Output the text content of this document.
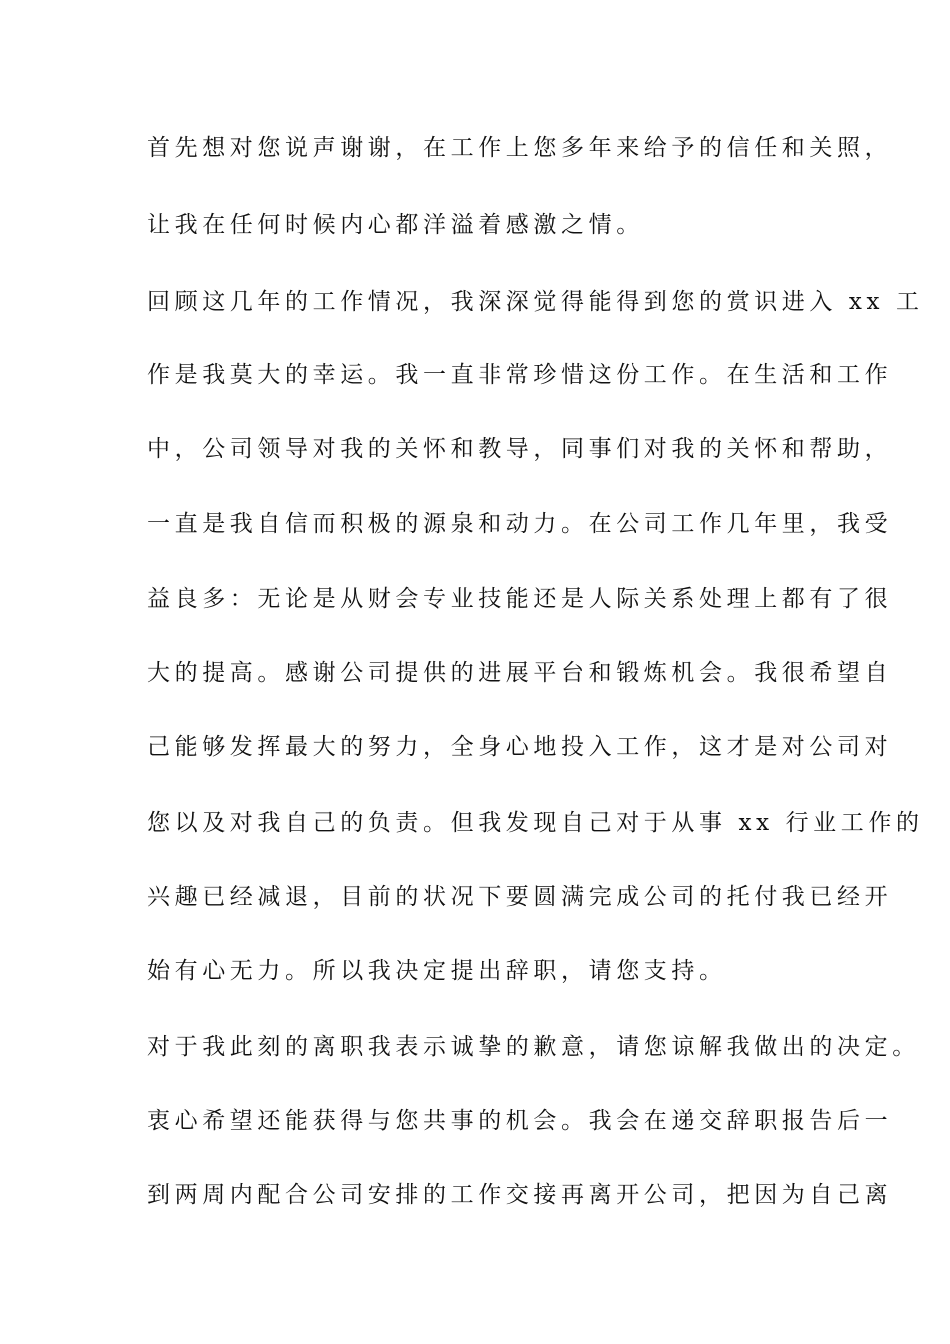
首先想对您说声谢谢，在工作上您多年来给予的信任和关照，

让我在任何时候内心都洋溢着感激之情。

回顾这几年的工作情况，我深深觉得能得到您的赏识进入 xx 工

作是我莫大的幸运。我一直非常珍惜这份工作。在生活和工作

中，公司领导对我的关怀和教导，同事们对我的关怀和帮助，

一直是我自信而积极的源泉和动力。在公司工作几年里，我受

益良多：无论是从财会专业技能还是人际关系处理上都有了很

大的提高。感谢公司提供的进展平台和锻炼机会。我很希望自

己能够发挥最大的努力，全身心地投入工作，这才是对公司对

您以及对我自己的负责。但我发现自己对于从事 xx 行业工作的

兴趣已经减退，目前的状况下要圆满完成公司的托付我已经开

始有心无力。所以我决定提出辞职，请您支持。

对于我此刻的离职我表示诚挚的歉意，请您谅解我做出的决定。

衷心希望还能获得与您共事的机会。我会在递交辞职报告后一

到两周内配合公司安排的工作交接再离开公司，把因为自己离
